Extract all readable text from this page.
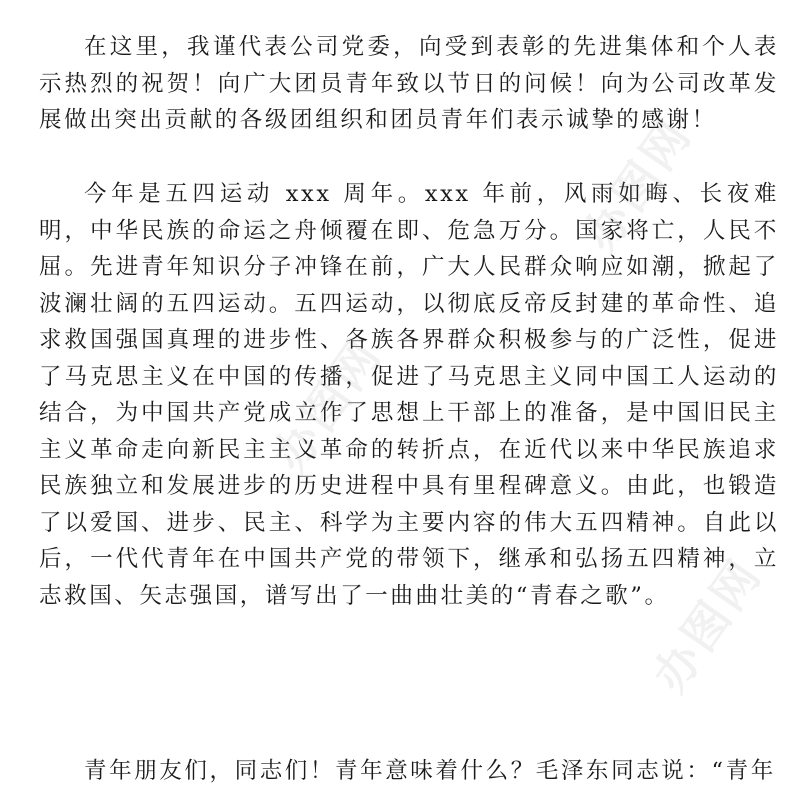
在这里，我谨代表公司党委，向受到表彰的先进集体和个人表示热烈的祝贺！向广大团员青年致以节日的问候！向为公司改革发展做出突出贡献的各级团组织和团员青年们表示诚挚的感谢！

今年是五四运动 xxx 周年。xxx 年前，风雨如晦、长夜难明，中华民族的命运之舟倾覆在即、危急万分。国家将亡，人民不屈。先进青年知识分子冲锋在前，广大人民群众响应如潮，掀起了波澜壮阔的五四运动。五四运动，以彻底反帝反封建的革命性、追求救国强国真理的进步性、各族各界群众积极参与的广泛性，促进了马克思主义在中国的传播，促进了马克思主义同中国工人运动的结合，为中国共产党成立作了思想上干部上的准备，是中国旧民主主义革命走向新民主主义革命的转折点，在近代以来中华民族追求民族独立和发展进步的历史进程中具有里程碑意义。由此，也锻造了以爱国、进步、民主、科学为主要内容的伟大五四精神。自此以后，一代代青年在中国共产党的带领下，继承和弘扬五四精神，立志救国、矢志强国，谱写出了一曲曲壮美的“青春之歌”。

青年朋友们，同志们！青年意味着什么？毛泽东同志说：“青年

办图网
办图网
办图网
